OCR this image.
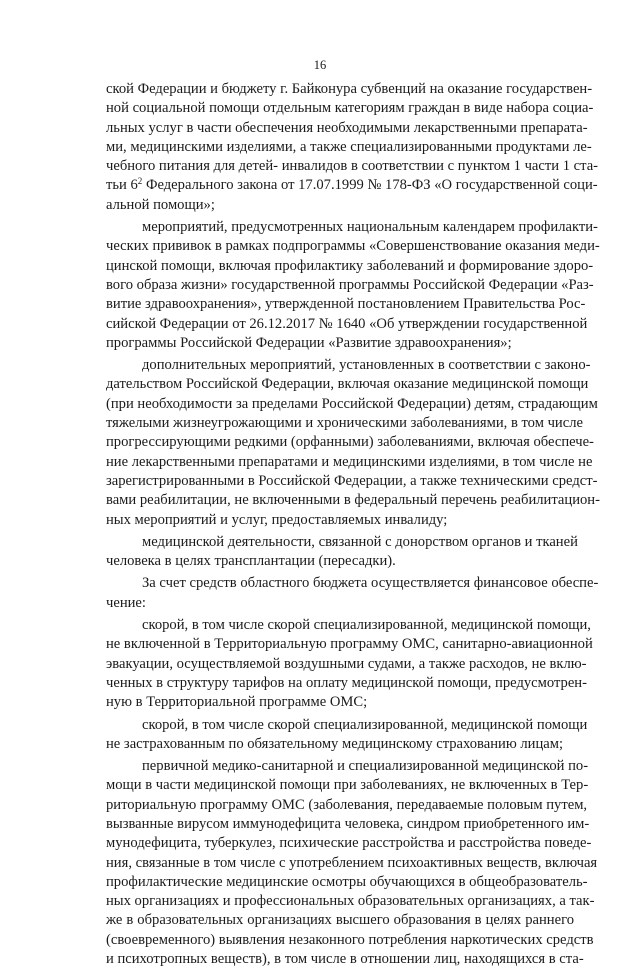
16
ской Федерации и бюджету г. Байконура субвенций на оказание государствен-
ной социальной помощи отдельным категориям граждан в виде набора социа-
льных услуг в части обеспечения необходимыми лекарственными препарата-
ми, медицинскими изделиями, а также специализированными продуктами ле-
чебного питания для детей- инвалидов в соответствии с пунктом 1 части 1 ста-
тьи $6^2$ Федерального закона от 17.07.1999 № 178-ФЗ «О государственной соци-
альной помощи»;
мероприятий, предусмотренных национальным календарем профилакти-
ческих прививок в рамках подпрограммы «Совершенствование оказания меди-
цинской помощи, включая профилактику заболеваний и формирование здоро-
вого образа жизни» государственной программы Российской Федерации «Раз-
витие здравоохранения», утвержденной постановлением Правительства Рос-
сийской Федерации от 26.12.2017 № 1640 «Об утверждении государственной
программы Российской Федерации «Развитие здравоохранения»;
дополнительных мероприятий, установленных в соответствии с законо-
дательством Российской Федерации, включая оказание медицинской помощи
(при необходимости за пределами Российской Федерации) детям, страдающим
тяжелыми жизнеугрожающими и хроническими заболеваниями, в том числе
прогрессирующими редкими (орфанными) заболеваниями, включая обеспече-
ние лекарственными препаратами и медицинскими изделиями, в том числе не
зарегистрированными в Российской Федерации, а также техническими средст-
вами реабилитации, не включенными в федеральный перечень реабилитацион-
ных мероприятий и услуг, предоставляемых инвалиду;
медицинской деятельности, связанной с донорством органов и тканей
человека в целях трансплантации (пересадки).
За счет средств областного бюджета осуществляется финансовое обеспе-
чение:
скорой, в том числе скорой специализированной, медицинской помощи,
не включенной в Территориальную программу ОМС, санитарно-авиационной
эвакуации, осуществляемой воздушными судами, а также расходов, не вклю-
ченных в структуру тарифов на оплату медицинской помощи, предусмотрен-
ную в Территориальной программе ОМС;
скорой, в том числе скорой специализированной, медицинской помощи
не застрахованным по обязательному медицинскому страхованию лицам;
первичной медико-санитарной и специализированной медицинской по-
мощи в части медицинской помощи при заболеваниях, не включенных в Тер-
риториальную программу ОМС (заболевания, передаваемые половым путем,
вызванные вирусом иммунодефицита человека, синдром приобретенного им-
мунодефицита, туберкулез, психические расстройства и расстройства поведе-
ния, связанные в том числе с употреблением психоактивных веществ, включая
профилактические медицинские осмотры обучающихся в общеобразователь-
ных организациях и профессиональных образовательных организациях, а так-
же в образовательных организациях высшего образования в целях раннего
(своевременного) выявления незаконного потребления наркотических средств
и психотропных веществ), в том числе в отношении лиц, находящихся в ста-
